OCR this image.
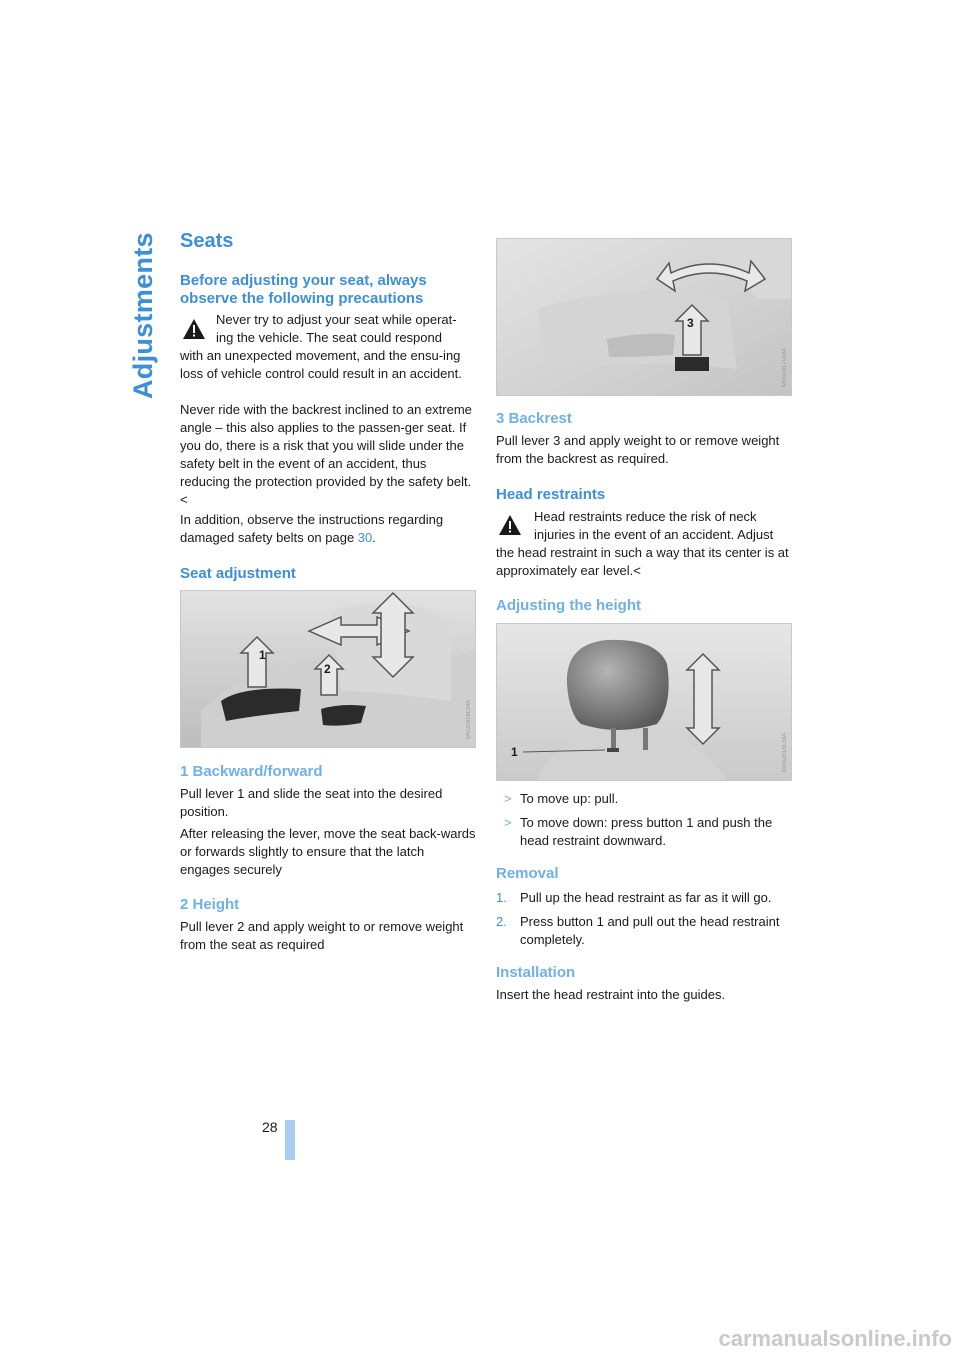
Adjustments
28
Seats
Before adjusting your seat, always observe the following precautions

Never try to adjust your seat while operat-

ing the vehicle. The seat could respond

with an unexpected movement, and the ensu-ing loss of vehicle control could result in an accident.

Never ride with the backrest inclined to an extreme angle – this also applies to the passen-ger seat. If you do, there is a risk that you will slide under the safety belt in the event of an accident, thus reducing the protection provided by the safety belt.<

In addition, observe the instructions regarding damaged safety belts on page 30.

Seat adjustment
1
2
MV02816CMA
1 Backward/forward

Pull lever 1 and slide the seat into the desired position.

After releasing the lever, move the seat back-wards or forwards slightly to ensure that the latch engages securely

2 Height

Pull lever 2 and apply weight to or remove weight from the seat as required

3
MV02817CMA
3 Backrest

Pull lever 3 and apply weight to or remove weight from the backrest as required.

Head restraints

Head restraints reduce the risk of neck

injuries in the event of an accident. Adjust

the head restraint in such a way that its center is at approximately ear level.<

Adjusting the height
1	MV02818CMA
> To move up: pull.
> To move down: press button 1 and push the head restraint downward.
Removal
1. Pull up the head restraint as far as it will go.
2. Press button 1 and pull out the head restraint completely.
Installation

Insert the head restraint into the guides.

carmanualsonline.info
